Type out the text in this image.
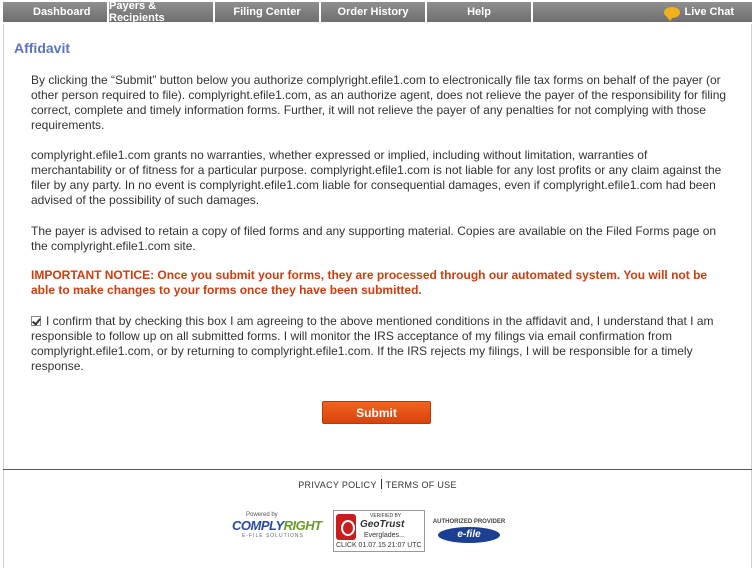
Dashboard Payers & Recipients	Filing Center	Order History	Help	Live Chat
Affidavit
By clicking the “Submit” button below you authorize complyright.efile1.com to electronically file tax forms on behalf of the payer (or other person required to file). complyright.efile1.com, as an authorize agent, does not relieve the payer of the responsibility for filing correct, complete and timely information forms. Further, it will not relieve the payer of any penalties for not complying with those requirements.
complyright.efile1.com grants no warranties, whether expressed or implied, including without limitation, warranties of merchantability or of fitness for a particular purpose. complyright.efile1.com is not liable for any lost profits or any claim against the filer by any party. In no event is complyright.efile1.com liable for consequential damages, even if complyright.efile1.com had been advised of the possibility of such damages.
The payer is advised to retain a copy of filed forms and any supporting material. Copies are available on the Filed Forms page on the complyright.efile1.com site.
IMPORTANT NOTICE: Once you submit your forms, they are processed through our automated system. You will not be able to make changes to your forms once they have been submitted.
I confirm that by checking this box I am agreeing to the above mentioned conditions in the affidavit and, I understand that I am responsible to follow up on all submitted forms. I will monitor the IRS acceptance of my filings via email confirmation from complyright.efile1.com, or by returning to complyright.efile1.com. If the IRS rejects my filings, I will be responsible for a timely response.
Submit
PRIVACY POLICY TERMS OF USE
Powered by
COMPLYRIGHT
E-FILE SOLUTIONS
VERIFIED BY
GeoTrust
Everglades...
CLICK 01.07.15 21:07 UTC
AUTHORIZED PROVIDER
e-file
